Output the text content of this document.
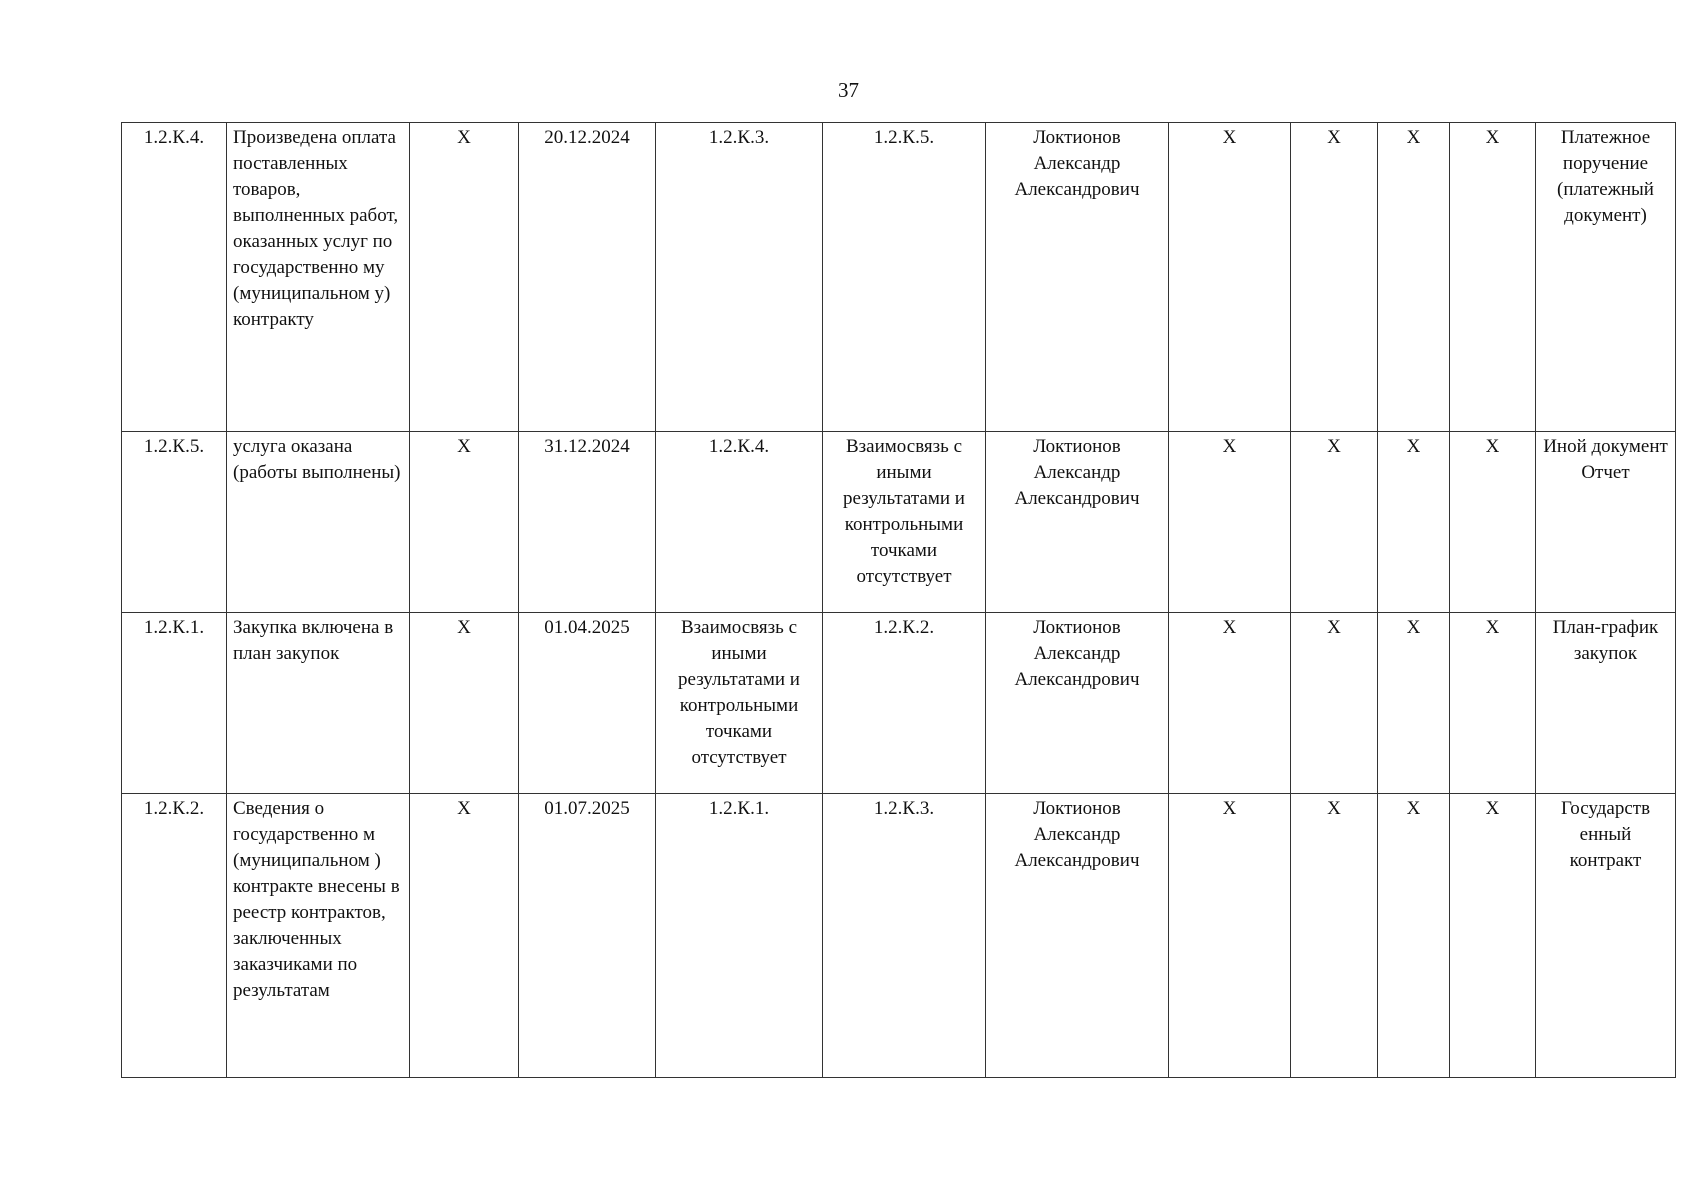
37
1.2.К.4.	Произведена оплата поставленных товаров, выполненных работ, оказанных услуг по государственно му (муниципальном у) контракту	X	20.12.2024	1.2.К.3.	1.2.К.5.	Локтионов Александр Александрович	X	X	X	X	Платежное поручение (платежный документ)
1.2.К.5.	услуга оказана (работы выполнены)	X	31.12.2024	1.2.К.4.	Взаимосвязь с иными результатами и контрольными точками отсутствует	Локтионов Александр Александрович	X	X	X	X	Иной документ Отчет
1.2.К.1.	Закупка включена в план закупок	X	01.04.2025	Взаимосвязь с иными результатами и контрольными точками отсутствует	1.2.К.2.	Локтионов Александр Александрович	X	X	X	X	План-график закупок
1.2.К.2.	Сведения о государственно м (муниципальном ) контракте внесены в реестр контрактов, заключенных заказчиками по результатам	X	01.07.2025	1.2.К.1.	1.2.К.3.	Локтионов Александр Александрович	X	X	X	X	Государств енный контракт
